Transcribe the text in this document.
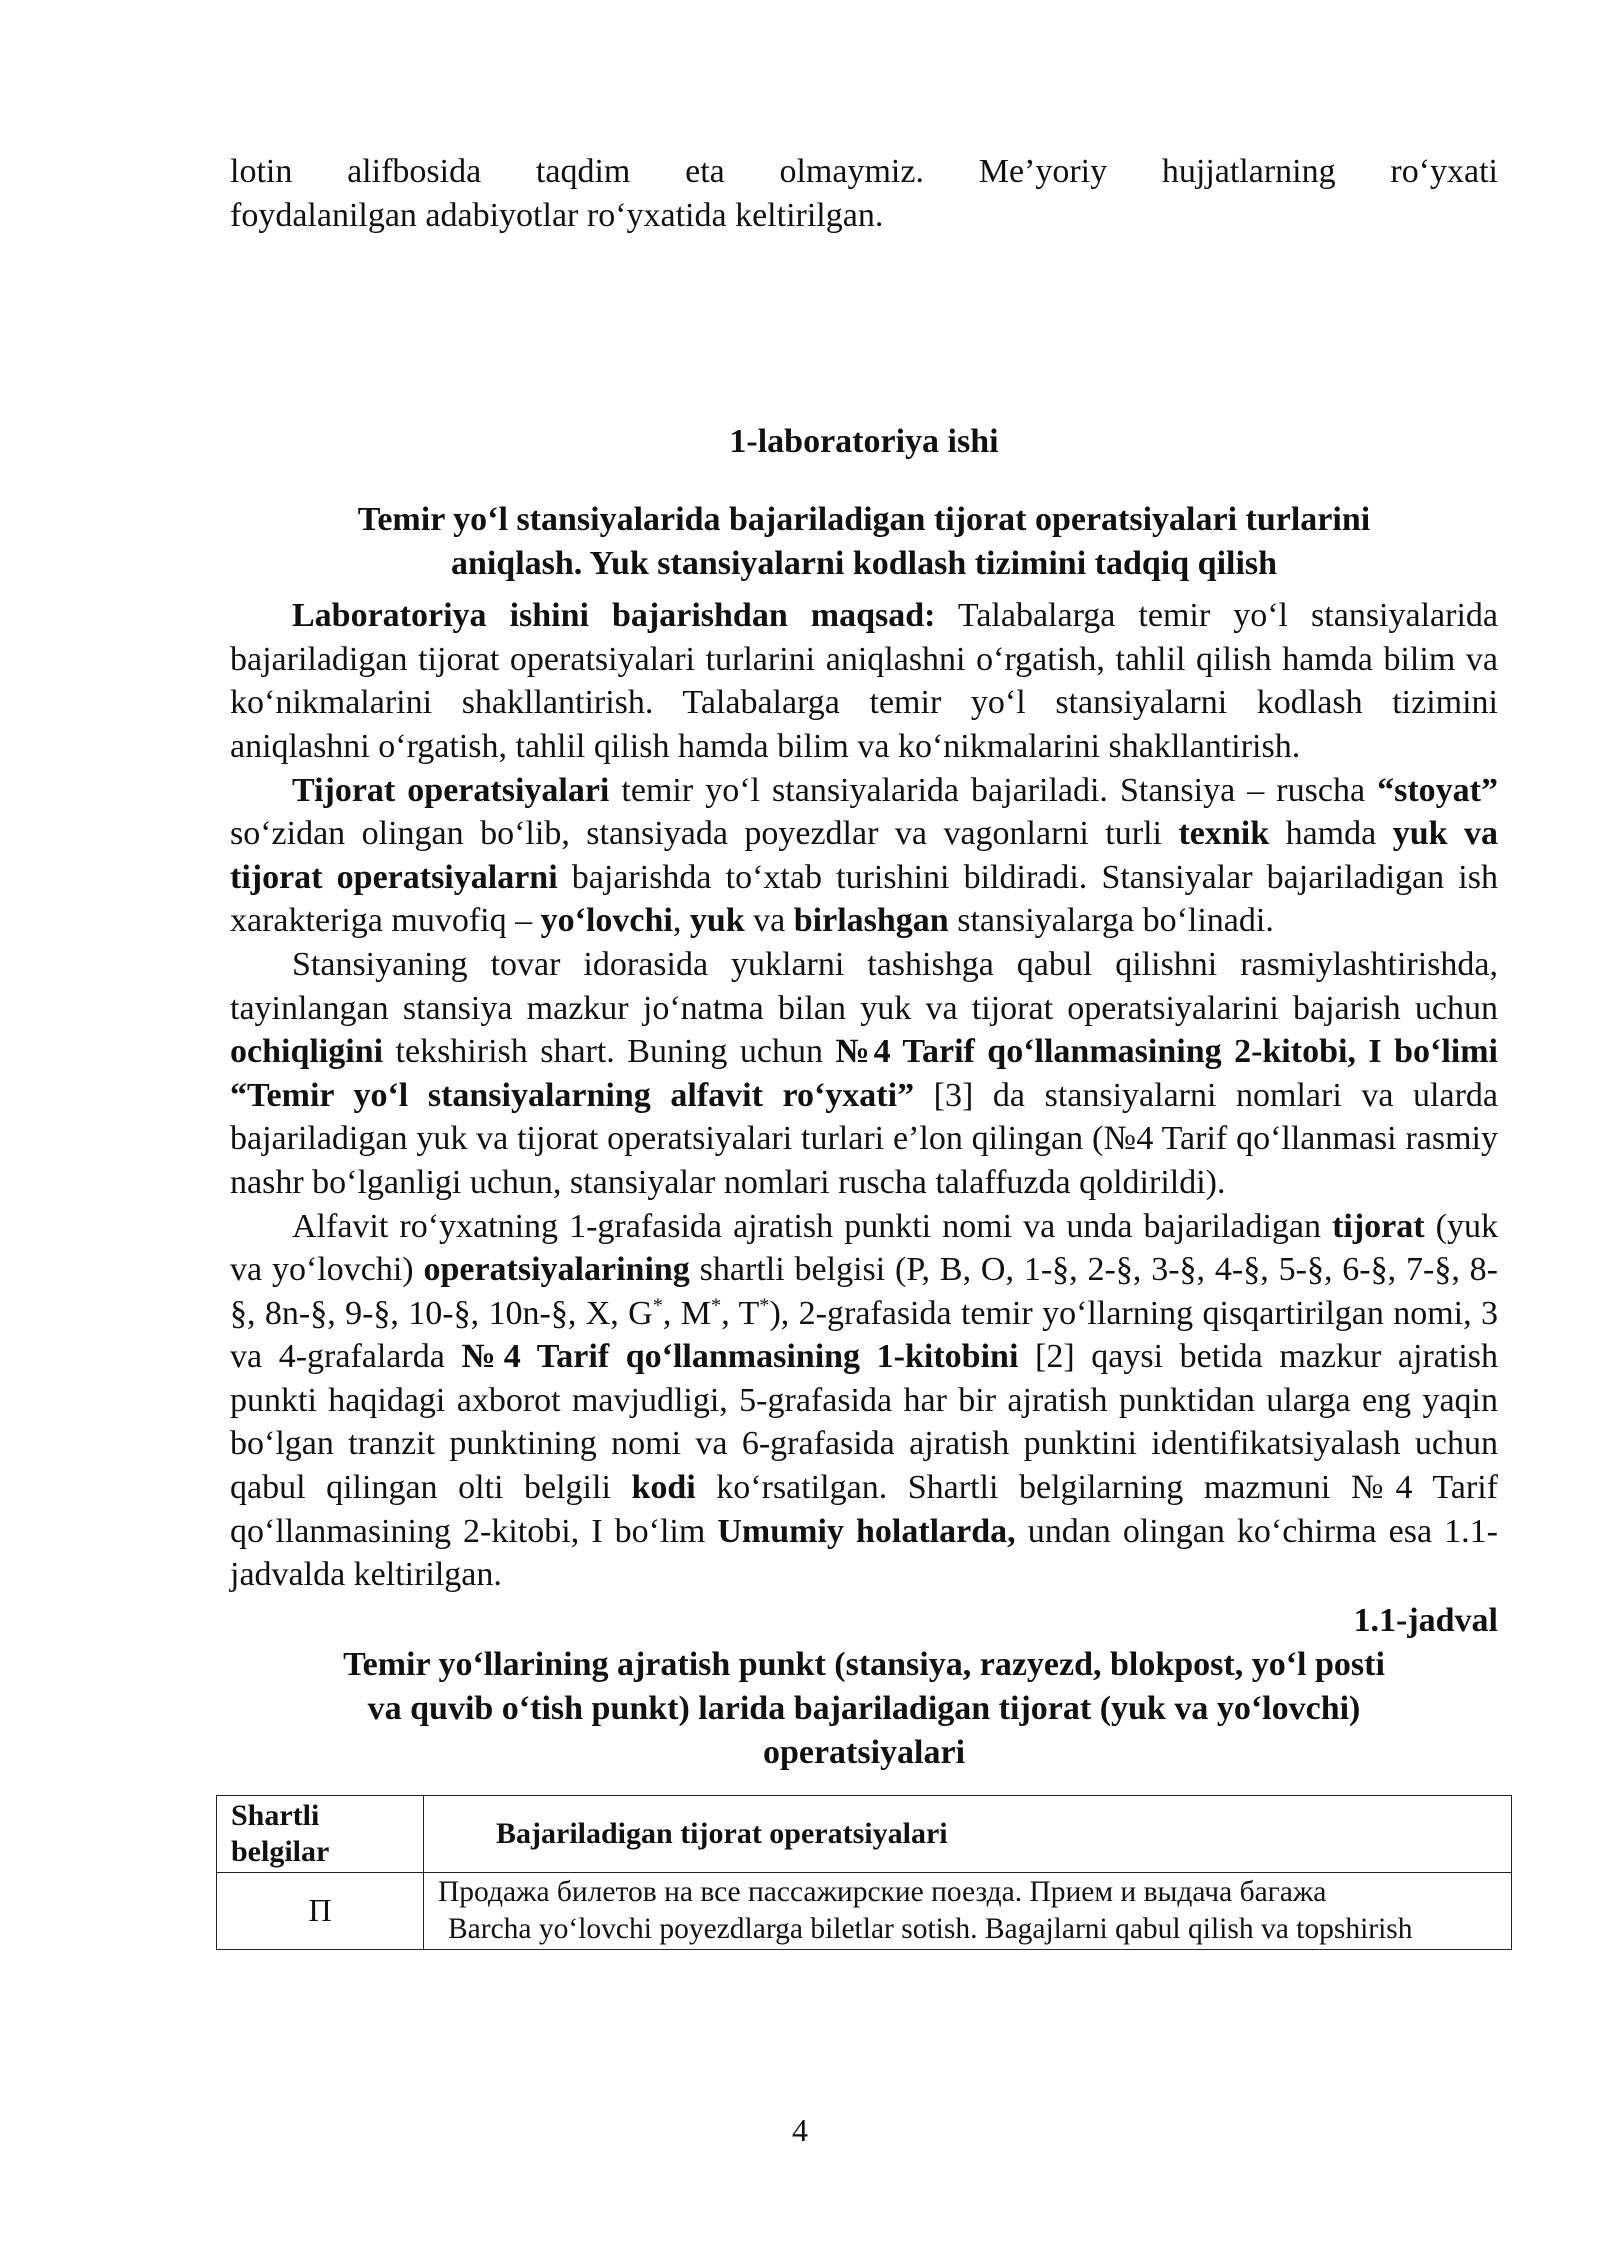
lotin alifbosida taqdim eta olmaymiz. Me’yoriy hujjatlarning ro‘yxati

foydalanilgan adabiyotlar ro‘yxatida keltirilgan.

1-laboratoriya ishi

Temir yo‘l stansiyalarida bajariladigan tijorat operatsiyalari turlarini
aniqlash. Yuk stansiyalarni kodlash tizimini tadqiq qilish

Laboratoriya ishini bajarishdan maqsad: Talabalarga temir yo‘l stansiyalarida bajariladigan tijorat operatsiyalari turlarini aniqlashni o‘rgatish, tahlil qilish hamda bilim va ko‘nikmalarini shakllantirish. Talabalarga temir yo‘l stansiyalarni kodlash tizimini aniqlashni o‘rgatish, tahlil qilish hamda bilim va ko‘nikmalarini shakllantirish.

Tijorat operatsiyalari temir yo‘l stansiyalarida bajariladi. Stansiya – ruscha “stoyat” so‘zidan olingan bo‘lib, stansiyada poyezdlar va vagonlarni turli texnik hamda yuk va tijorat operatsiyalarni bajarishda to‘xtab turishini bildiradi. Stansiyalar bajariladigan ish xarakteriga muvofiq – yo‘lovchi, yuk va birlashgan stansiyalarga bo‘linadi.

Stansiyaning tovar idorasida yuklarni tashishga qabul qilishni rasmiylashtirishda, tayinlangan stansiya mazkur jo‘natma bilan yuk va tijorat operatsiyalarini bajarish uchun ochiqligini tekshirish shart. Buning uchun №4 Tarif qo‘llanmasining 2-kitobi, I bo‘limi “Temir yo‘l stansiyalarning alfavit ro‘yxati” [3] da stansiyalarni nomlari va ularda bajariladigan yuk va tijorat operatsiyalari turlari e’lon qilingan (№4 Tarif qo‘llanmasi rasmiy nashr bo‘lganligi uchun, stansiyalar nomlari ruscha talaffuzda qoldirildi).

Alfavit ro‘yxatning 1-grafasida ajratish punkti nomi va unda bajariladigan tijorat (yuk va yo‘lovchi) operatsiyalarining shartli belgisi (P, B, O, 1-§, 2-§, 3-§, 4-§, 5-§, 6-§, 7-§, 8-§, 8n-§, 9-§, 10-§, 10n-§, X, G*, M*, T*), 2-grafasida temir yo‘llarning qisqartirilgan nomi, 3 va 4-grafalarda №4 Tarif qo‘llanmasining 1-kitobini [2] qaysi betida mazkur ajratish punkti haqidagi axborot mavjudligi, 5-grafasida har bir ajratish punktidan ularga eng yaqin bo‘lgan tranzit punktining nomi va 6-grafasida ajratish punktini identifikatsiyalash uchun qabul qilingan olti belgili kodi ko‘rsatilgan. Shartli belgilarning mazmuni №4 Tarif qo‘llanmasining 2-kitobi, I bo‘lim Umumiy holatlarda, undan olingan ko‘chirma esa 1.1-jadvalda keltirilgan.

1.1-jadval

Temir yo‘llarining ajratish punkt (stansiya, razyezd, blokpost, yo‘l posti
va quvib o‘tish punkt) larida bajariladigan tijorat (yuk va yo‘lovchi)
operatsiyalari
Shartli belgilar	Bajariladigan tijorat operatsiyalari
П	Продажа билетов на все пассажирские поезда. Прием и выдача багажа
Barcha yo‘lovchi poyezdlarga biletlar sotish. Bagajlarni qabul qilish va topshirish
4
